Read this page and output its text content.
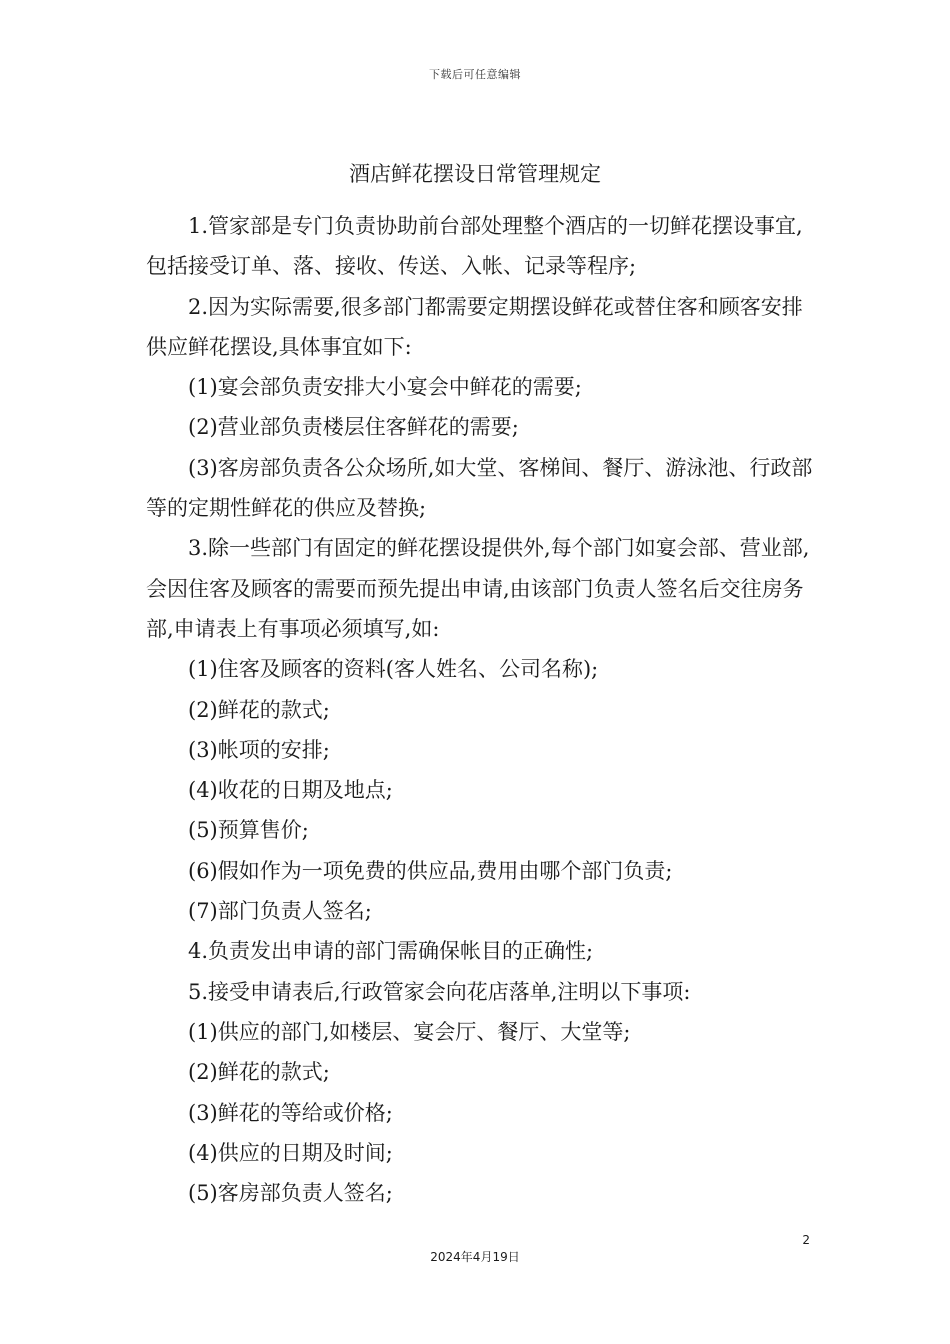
下载后可任意编辑
酒店鲜花摆设日常管理规定

1.管家部是专门负责协助前台部处理整个酒店的一切鲜花摆设事宜,包括接受订单、落、接收、传送、入帐、记录等程序;

2.因为实际需要,很多部门都需要定期摆设鲜花或替住客和顾客安排供应鲜花摆设,具体事宜如下:

(1)宴会部负责安排大小宴会中鲜花的需要;

(2)营业部负责楼层住客鲜花的需要;

(3)客房部负责各公众场所,如大堂、客梯间、餐厅、游泳池、行政部等的定期性鲜花的供应及替换;

3.除一些部门有固定的鲜花摆设提供外,每个部门如宴会部、营业部,会因住客及顾客的需要而预先提出申请,由该部门负责人签名后交往房务部,申请表上有事项必须填写,如:

(1)住客及顾客的资料(客人姓名、公司名称);

(2)鲜花的款式;

(3)帐项的安排;

(4)收花的日期及地点;

(5)预算售价;

(6)假如作为一项免费的供应品,费用由哪个部门负责;

(7)部门负责人签名;

4.负责发出申请的部门需确保帐目的正确性;

5.接受申请表后,行政管家会向花店落单,注明以下事项:

(1)供应的部门,如楼层、宴会厅、餐厅、大堂等;

(2)鲜花的款式;

(3)鲜花的等给或价格;

(4)供应的日期及时间;

(5)客房部负责人签名;

2
2024年4月19日
